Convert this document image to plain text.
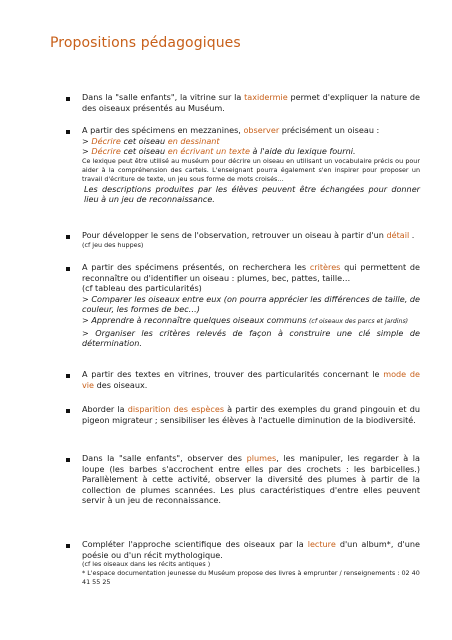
Propositions pédagogiques
Dans la "salle enfants", la vitrine sur la taxidermie permet d'expliquer la nature de des oiseaux présentés au Muséum.

A partir des spécimens en mezzanines, observer précisément un oiseau :

> Décrire cet oiseau en dessinant

> Décrire cet oiseau en écrivant un texte à l'aide du lexique fourni.

Ce lexique peut être utilisé au muséum pour décrire un oiseau en utilisant un vocabulaire précis ou pour aider à la compréhension des cartels. L'enseignant pourra également s'en inspirer pour proposer un travail d'écriture de texte, un jeu sous forme de mots croisés…

Les descriptions produites par les élèves peuvent être échangées pour donner lieu à un jeu de reconnaissance.

Pour développer le sens de l'observation, retrouver un oiseau à partir d'un détail .

(cf jeu des huppes)

A partir des spécimens présentés, on recherchera les critères qui permettent de reconnaître ou d'identifier un oiseau : plumes, bec, pattes, taille…

(cf tableau des particularités)

> Comparer les oiseaux entre eux (on pourra apprécier les différences de taille, de couleur, les formes de bec…)

> Apprendre à reconnaître quelques oiseaux communs (cf oiseaux des parcs et jardins)

> Organiser les critères relevés de façon à construire une clé simple de détermination.

A partir des textes en vitrines, trouver des particularités concernant le mode de vie des oiseaux.
Aborder la disparition des espèces à partir des exemples du grand pingouin et du pigeon migrateur ; sensibiliser les élèves à l'actuelle diminution de la biodiversité.
Dans la "salle enfants", observer des plumes, les manipuler, les regarder à la loupe (les barbes s'accrochent entre elles par des crochets : les barbicelles.) Parallèlement à cette activité, observer la diversité des plumes à partir de la collection de plumes scannées. Les plus caractéristiques d'entre elles peuvent servir à un jeu de reconnaissance.

Compléter l'approche scientifique des oiseaux par la lecture d'un album*, d'une poésie ou d'un récit mythologique.

(cf les oiseaux dans les récits antiques )
* L'espace documentation jeunesse du Muséum propose des livres à emprunter / renseignements : 02 40 41 55 25
